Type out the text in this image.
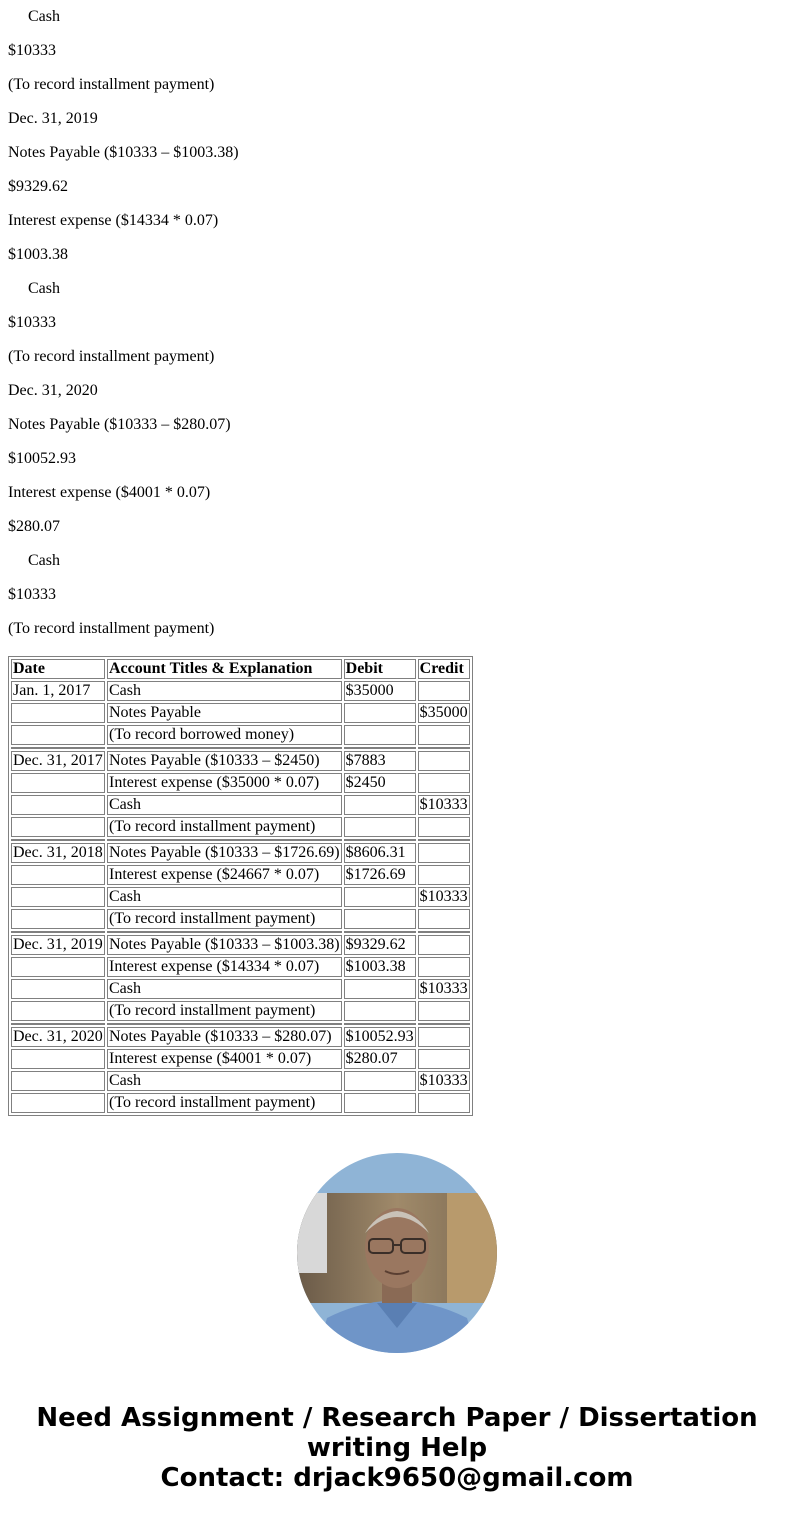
Cash

$10333

(To record installment payment)

Dec. 31, 2019

Notes Payable ($10333 – $1003.38)

$9329.62

Interest expense ($14334 * 0.07)

$1003.38

Cash

$10333

(To record installment payment)

Dec. 31, 2020

Notes Payable ($10333 – $280.07)

$10052.93

Interest expense ($4001 * 0.07)

$280.07

Cash

$10333

(To record installment payment)

Date	Account Titles & Explanation	Debit	Credit
Jan. 1, 2017	Cash	$35000	
	Notes Payable		$35000
	(To record borrowed money)		

Dec. 31, 2017	Notes Payable ($10333 – $2450)	$7883	
	Interest expense ($35000 * 0.07)	$2450	
	Cash		$10333
	(To record installment payment)		

Dec. 31, 2018	Notes Payable ($10333 – $1726.69)	$8606.31	
	Interest expense ($24667 * 0.07)	$1726.69	
	Cash		$10333
	(To record installment payment)		

Dec. 31, 2019	Notes Payable ($10333 – $1003.38)	$9329.62	
	Interest expense ($14334 * 0.07)	$1003.38	
	Cash		$10333
	(To record installment payment)		

Dec. 31, 2020	Notes Payable ($10333 – $280.07)	$10052.93	
	Interest expense ($4001 * 0.07)	$280.07	
	Cash		$10333
	(To record installment payment)		
Need Assignment / Research Paper / Dissertation
writing Help
Contact: drjack9650@gmail.com
